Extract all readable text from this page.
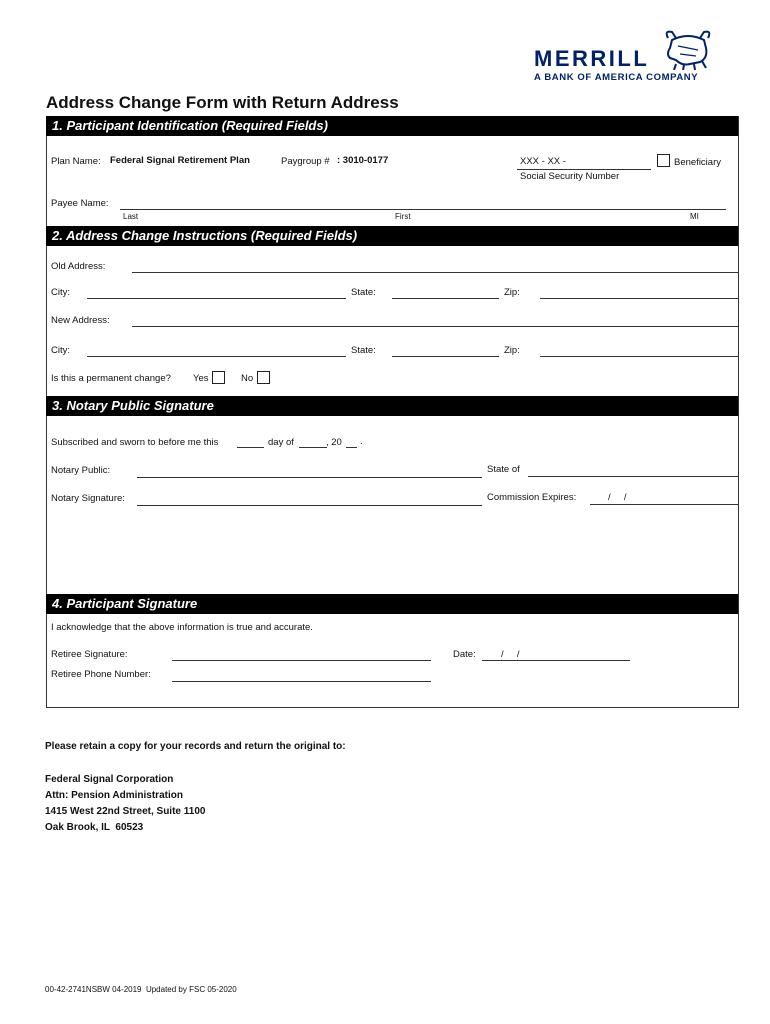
MERRILL
A BANK OF AMERICA COMPANY
Address Change Form with Return Address
1. Participant Identification (Required Fields)
Plan Name: Federal Signal Retirement Plan	Paygroup # : 3010-0177	XXX - XX -
Social Security Number
Beneficiary
Payee Name:
Last	First	MI
2. Address Change Instructions (Required Fields)
Old Address:
City:	State:	Zip:
New Address:
City:	State:	Zip:
Is this a permanent change? Yes	No
3. Notary Public Signature
Subscribed and sworn to before me this	day of	, 20 .
Notary Public:	State of
Notary Signature:	Commission Expires:	/     /
4. Participant Signature
I acknowledge that the above information is true and accurate.
Retiree Signature:	Date:	/     /
Retiree Phone Number:
Please retain a copy for your records and return the original to:
Federal Signal Corporation
Attn: Pension Administration
1415 West 22nd Street, Suite 1100
Oak Brook, IL  60523
00-42-2741NSBW 04-2019  Updated by FSC 05-2020
